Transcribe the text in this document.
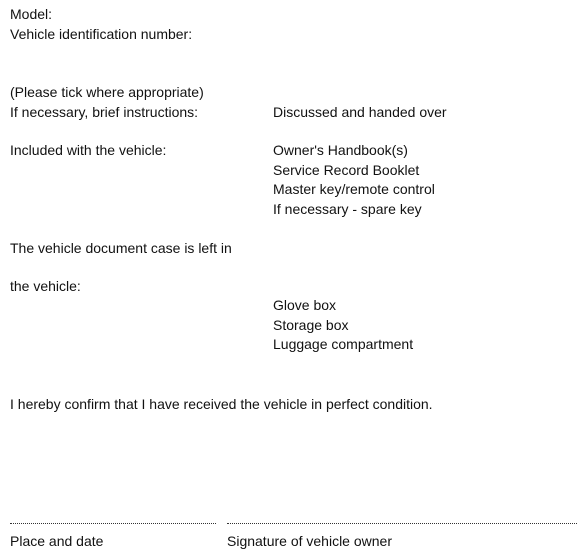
Model:

Vehicle identification number:

(Please tick where appropriate)

If necessary, brief instructions:	Discussed and handed over

Included with the vehicle:	Owner's Handbook(s)

Service Record Booklet

Master key/remote control

If necessary - spare key

The vehicle document case is left in

the vehicle:

Glove box

Storage box

Luggage compartment

I hereby confirm that I have received the vehicle in perfect condition.

Place and date	Signature of vehicle owner
